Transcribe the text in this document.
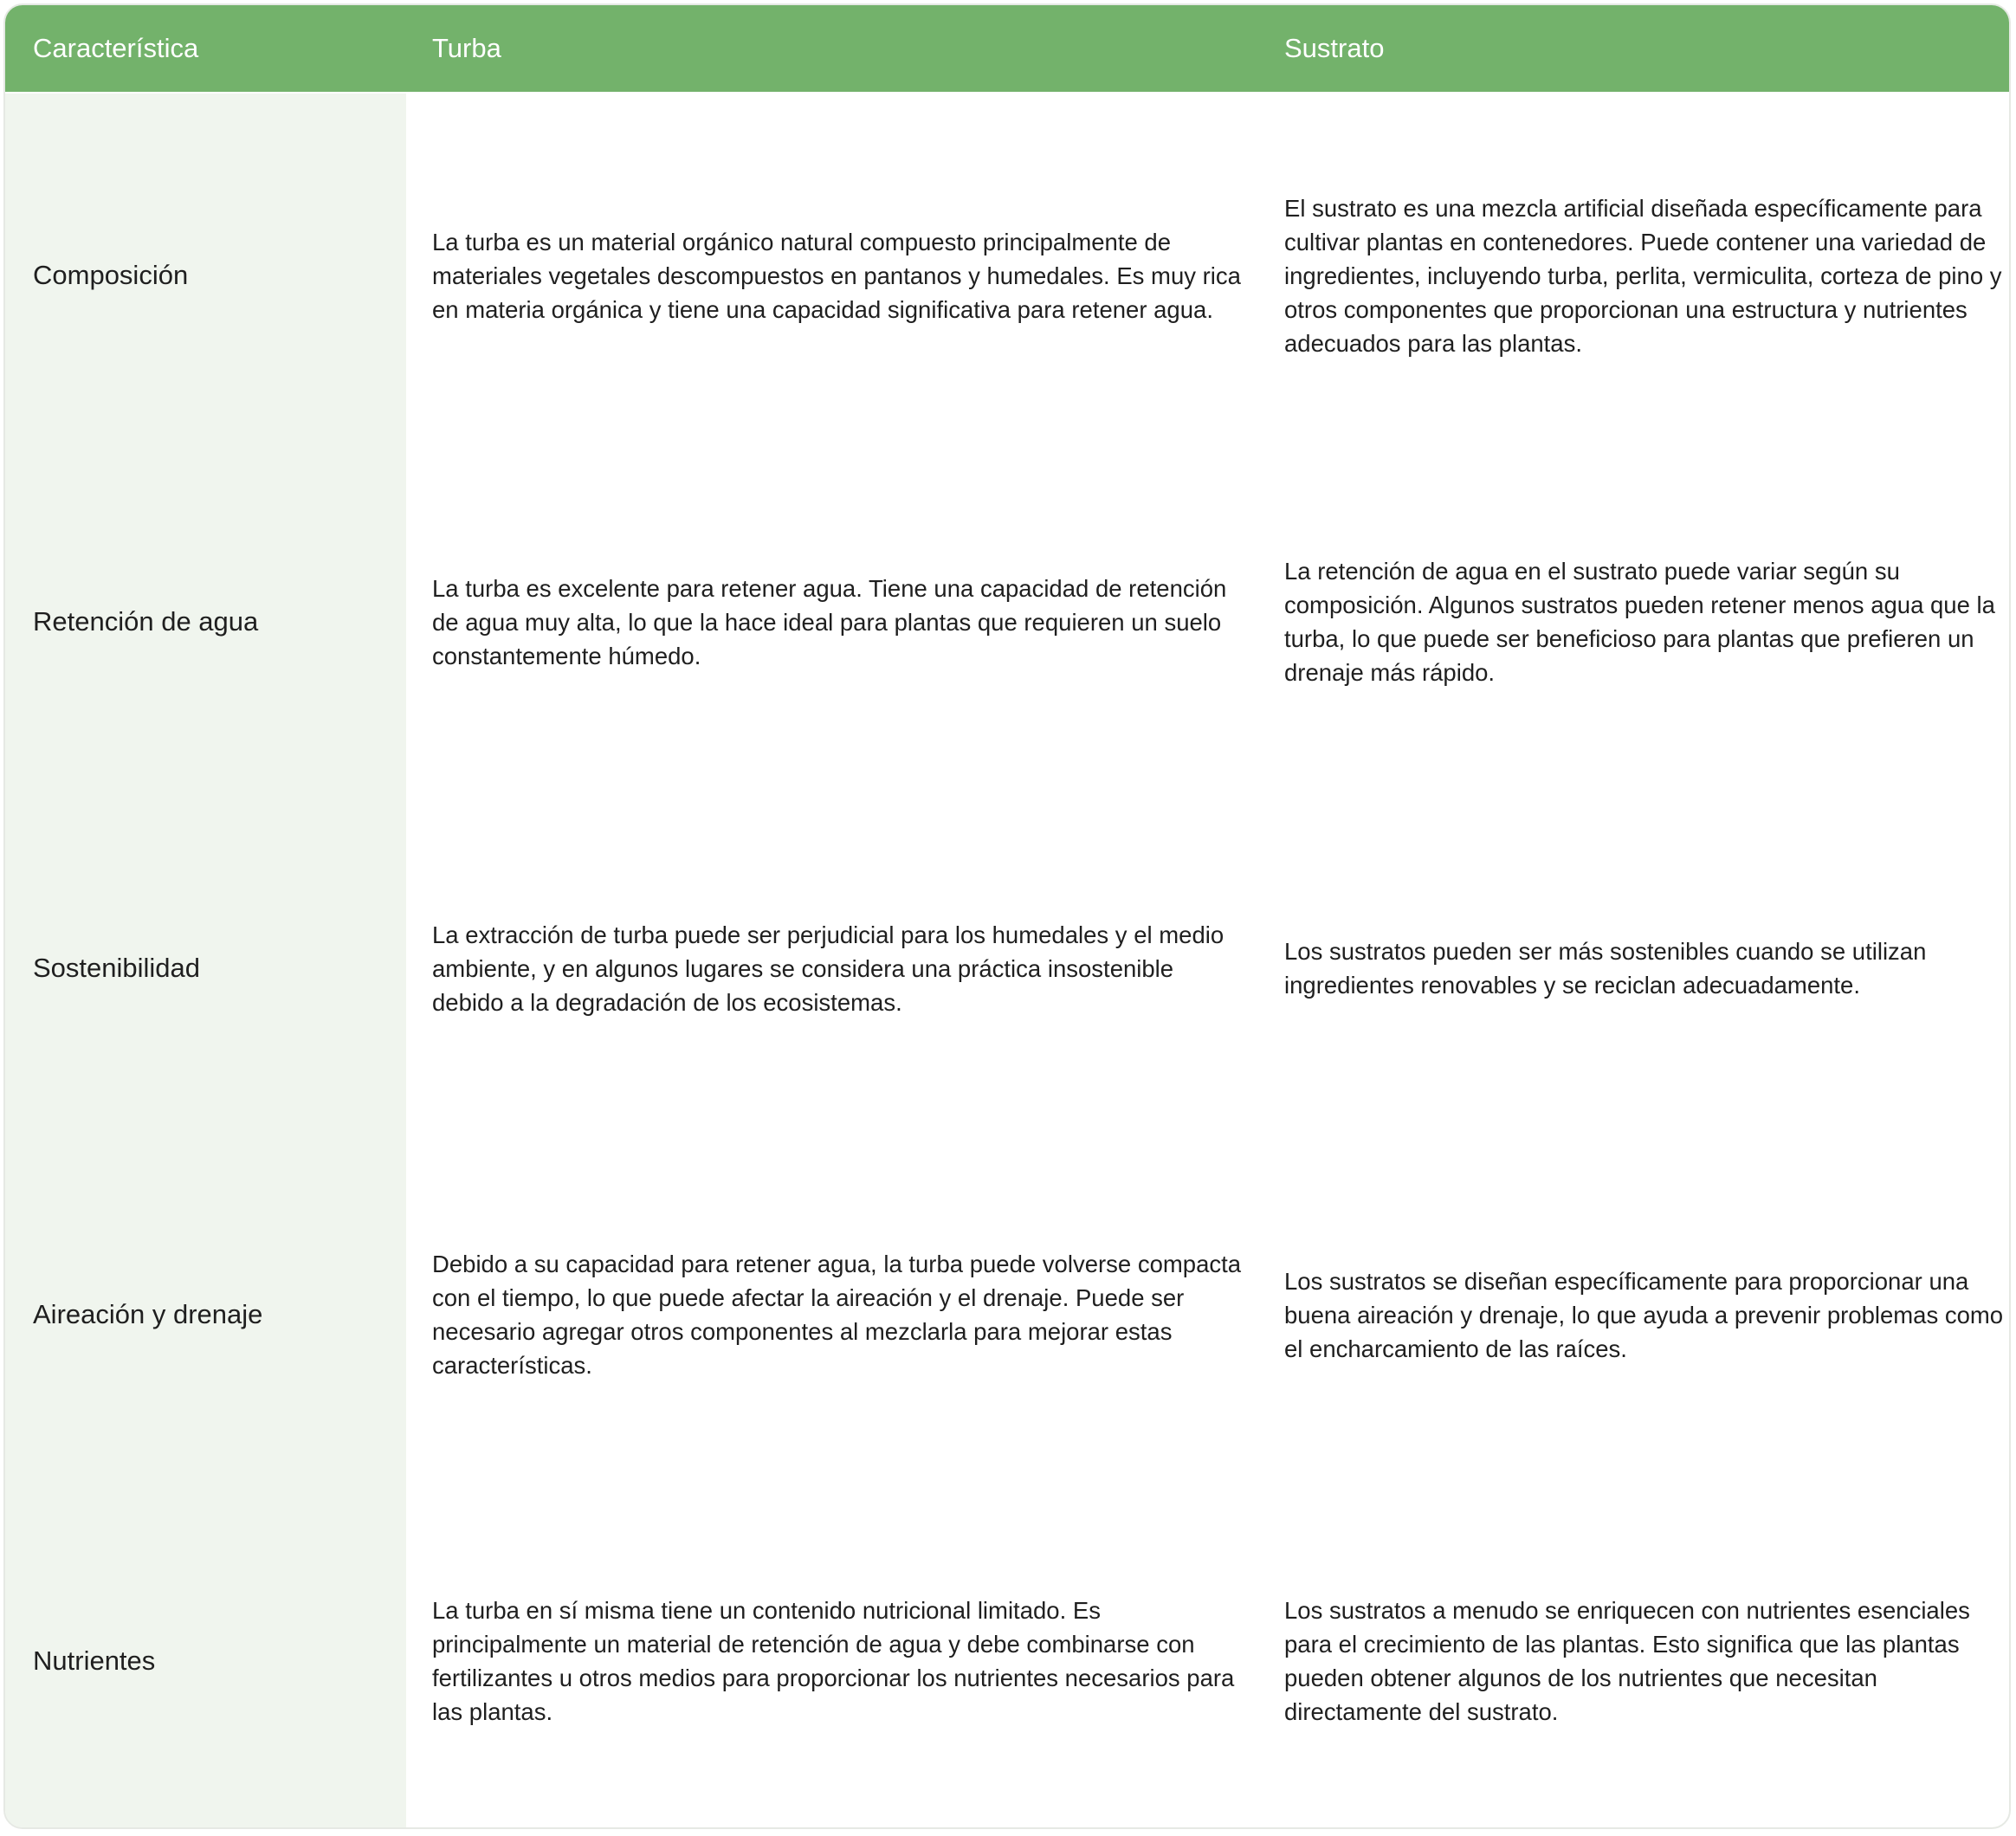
Característica	Turba	Sustrato
Composición
La turba es un material orgánico natural compuesto principalmente de materiales vegetales descompuestos en pantanos y humedales. Es muy rica en materia orgánica y tiene una capacidad significativa para retener agua.
El sustrato es una mezcla artificial diseñada específicamente para cultivar plantas en contenedores. Puede contener una variedad de ingredientes, incluyendo turba, perlita, vermiculita, corteza de pino y otros componentes que proporcionan una estructura y nutrientes adecuados para las plantas.
Retención de agua
La turba es excelente para retener agua. Tiene una capacidad de retención de agua muy alta, lo que la hace ideal para plantas que requieren un suelo constantemente húmedo.
La retención de agua en el sustrato puede variar según su composición. Algunos sustratos pueden retener menos agua que la turba, lo que puede ser beneficioso para plantas que prefieren un drenaje más rápido.
Sostenibilidad
La extracción de turba puede ser perjudicial para los humedales y el medio ambiente, y en algunos lugares se considera una práctica insostenible debido a la degradación de los ecosistemas.
Los sustratos pueden ser más sostenibles cuando se utilizan ingredientes renovables y se reciclan adecuadamente.
Aireación y drenaje
Debido a su capacidad para retener agua, la turba puede volverse compacta con el tiempo, lo que puede afectar la aireación y el drenaje. Puede ser necesario agregar otros componentes al mezclarla para mejorar estas características.
Los sustratos se diseñan específicamente para proporcionar una buena aireación y drenaje, lo que ayuda a prevenir problemas como el encharcamiento de las raíces.
Nutrientes
La turba en sí misma tiene un contenido nutricional limitado. Es principalmente un material de retención de agua y debe combinarse con fertilizantes u otros medios para proporcionar los nutrientes necesarios para las plantas.
Los sustratos a menudo se enriquecen con nutrientes esenciales para el crecimiento de las plantas. Esto significa que las plantas pueden obtener algunos de los nutrientes que necesitan directamente del sustrato.
